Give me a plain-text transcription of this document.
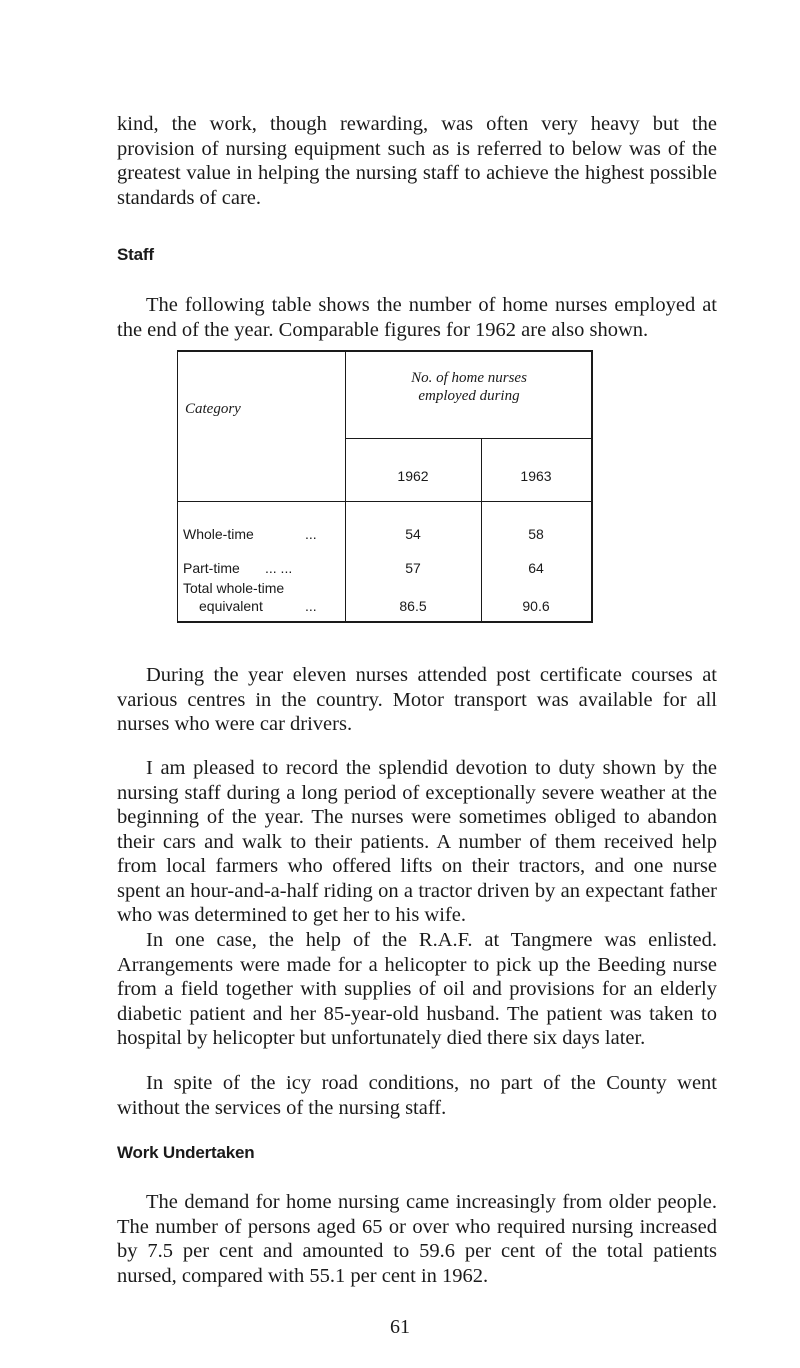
kind, the work, though rewarding, was often very heavy but the provision of nursing equipment such as is referred to below was of the greatest value in helping the nursing staff to achieve the highest possible standards of care.

Staff

The following table shows the number of home nurses employed at the end of the year. Comparable figures for 1962 are also shown.

Category
No. of home nurses
employed during
1962	1963
Whole-time	...	54	58
Part-time ... ...	57	64
Total whole-time
equivalent	...	86.5	90.6

During the year eleven nurses attended post certificate courses at various centres in the country. Motor transport was available for all nurses who were car drivers.

I am pleased to record the splendid devotion to duty shown by the nursing staff during a long period of exceptionally severe weather at the beginning of the year. The nurses were sometimes obliged to abandon their cars and walk to their patients. A number of them received help from local farmers who offered lifts on their tractors, and one nurse spent an hour-and-a-half riding on a tractor driven by an expectant father who was determined to get her to his wife.

In one case, the help of the R.A.F. at Tangmere was enlisted. Arrangements were made for a helicopter to pick up the Beeding nurse from a field together with supplies of oil and provisions for an elderly diabetic patient and her 85-year-old husband. The patient was taken to hospital by helicopter but unfortunately died there six days later.

In spite of the icy road conditions, no part of the County went without the services of the nursing staff.

Work Undertaken

The demand for home nursing came increasingly from older people. The number of persons aged 65 or over who required nursing increased by 7.5 per cent and amounted to 59.6 per cent of the total patients nursed, compared with 55.1 per cent in 1962.

61
